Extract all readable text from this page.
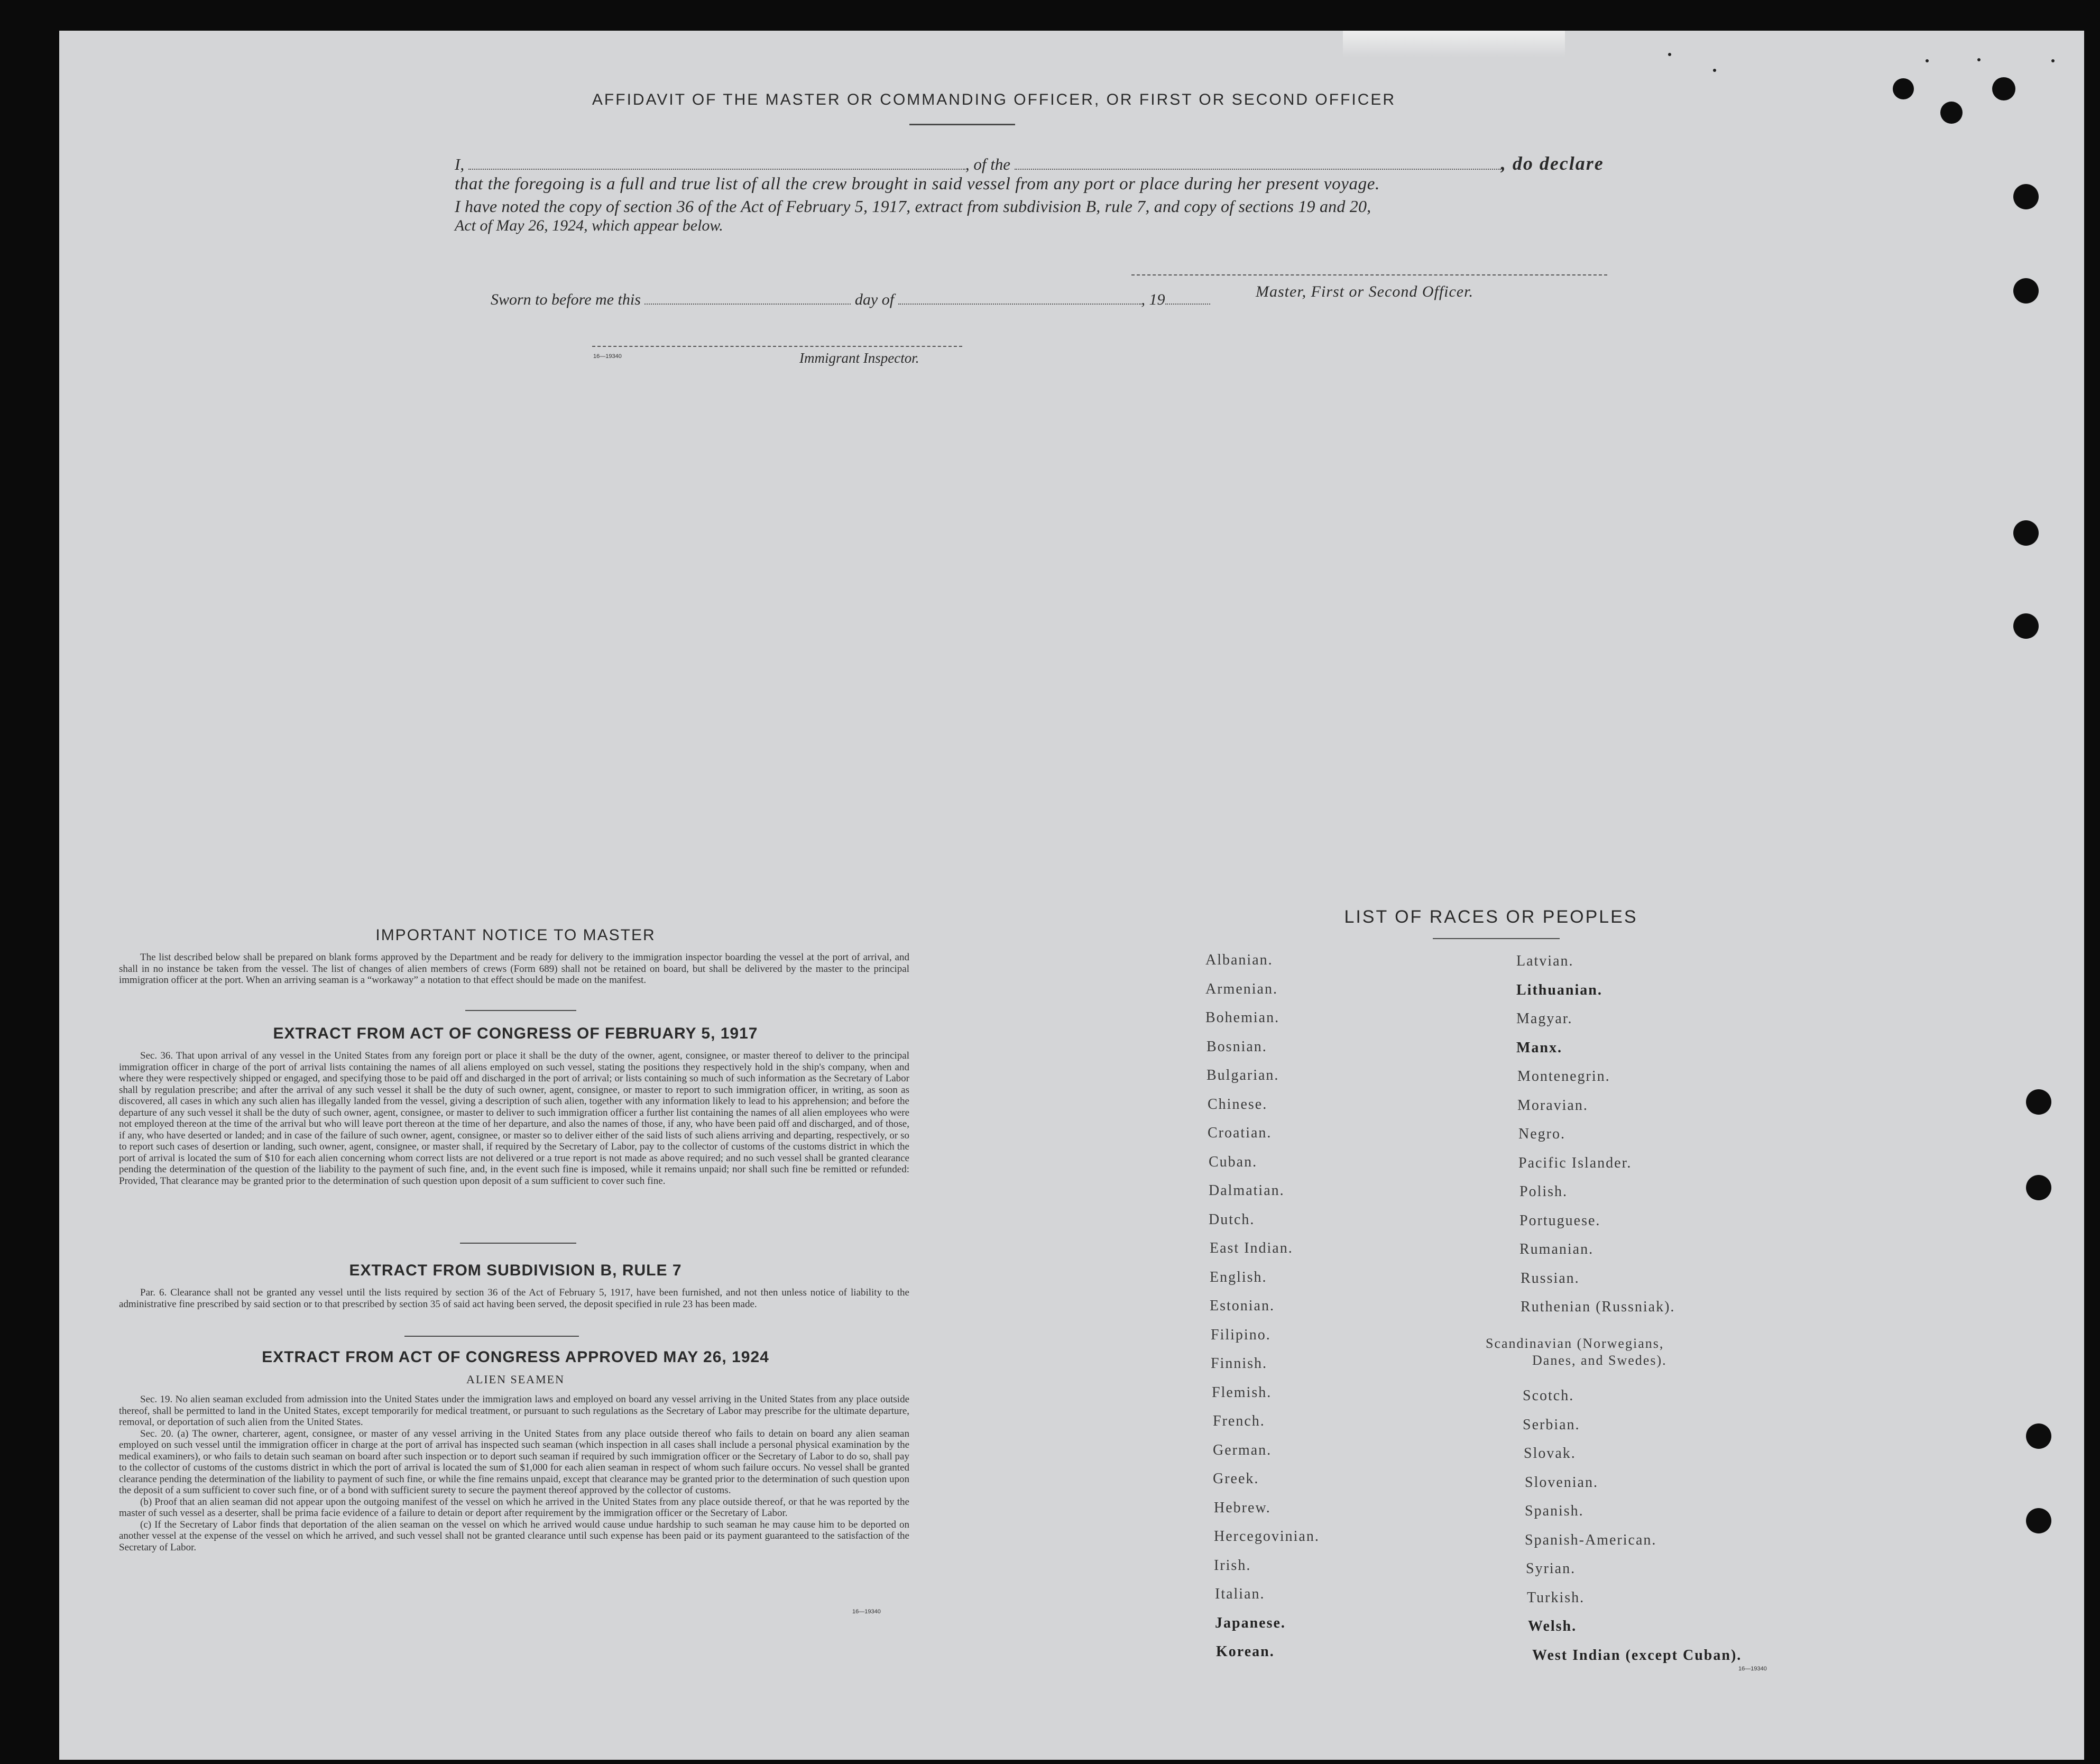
AFFIDAVIT OF THE MASTER OR COMMANDING OFFICER, OR FIRST OR SECOND OFFICER
I,	, of the	, do declare
that the foregoing is a full and true list of all the crew brought in said vessel from any port or place during her present voyage.
I have noted the copy of section 36 of the Act of February 5, 1917, extract from subdivision B, rule 7, and copy of sections 19 and 20,
Act of May 26, 1924, which appear below.
Master, First or Second Officer.
Sworn to before me this	day of	, 19
16—19340	Immigrant Inspector.
IMPORTANT NOTICE TO MASTER

The list described below shall be prepared on blank forms approved by the Department and be ready for delivery to the immigration inspector boarding the vessel at the port of arrival, and shall in no instance be taken from the vessel. The list of changes of alien members of crews (Form 689) shall not be retained on board, but shall be delivered by the master to the principal immigration officer at the port. When an arriving seaman is a “workaway” a notation to that effect should be made on the manifest.

EXTRACT FROM ACT OF CONGRESS OF FEBRUARY 5, 1917

Sec. 36. That upon arrival of any vessel in the United States from any foreign port or place it shall be the duty of the owner, agent, consignee, or master thereof to deliver to the principal immigration officer in charge of the port of arrival lists containing the names of all aliens employed on such vessel, stating the positions they respectively hold in the ship's company, when and where they were respectively shipped or engaged, and specifying those to be paid off and discharged in the port of arrival; or lists containing so much of such information as the Secretary of Labor shall by regulation prescribe; and after the arrival of any such vessel it shall be the duty of such owner, agent, consignee, or master to report to such immigration officer, in writing, as soon as discovered, all cases in which any such alien has illegally landed from the vessel, giving a description of such alien, together with any information likely to lead to his apprehension; and before the departure of any such vessel it shall be the duty of such owner, agent, consignee, or master to deliver to such immigration officer a further list containing the names of all alien employees who were not employed thereon at the time of the arrival but who will leave port thereon at the time of her departure, and also the names of those, if any, who have been paid off and discharged, and of those, if any, who have deserted or landed; and in case of the failure of such owner, agent, consignee, or master so to deliver either of the said lists of such aliens arriving and departing, respectively, or so to report such cases of desertion or landing, such owner, agent, consignee, or master shall, if required by the Secretary of Labor, pay to the collector of customs of the customs district in which the port of arrival is located the sum of $10 for each alien concerning whom correct lists are not delivered or a true report is not made as above required; and no such vessel shall be granted clearance pending the determination of the question of the liability to the payment of such fine, and, in the event such fine is imposed, while it remains unpaid; nor shall such fine be remitted or refunded: Provided, That clearance may be granted prior to the determination of such question upon deposit of a sum sufficient to cover such fine.

EXTRACT FROM SUBDIVISION B, RULE 7

Par. 6. Clearance shall not be granted any vessel until the lists required by section 36 of the Act of February 5, 1917, have been furnished, and not then unless notice of liability to the administrative fine prescribed by said section or to that prescribed by section 35 of said act having been served, the deposit specified in rule 23 has been made.

EXTRACT FROM ACT OF CONGRESS APPROVED MAY 26, 1924
ALIEN SEAMEN

Sec. 19. No alien seaman excluded from admission into the United States under the immigration laws and employed on board any vessel arriving in the United States from any place outside thereof, shall be permitted to land in the United States, except temporarily for medical treatment, or pursuant to such regulations as the Secretary of Labor may prescribe for the ultimate departure, removal, or deportation of such alien from the United States.

Sec. 20. (a) The owner, charterer, agent, consignee, or master of any vessel arriving in the United States from any place outside thereof who fails to detain on board any alien seaman employed on such vessel until the immigration officer in charge at the port of arrival has inspected such seaman (which inspection in all cases shall include a personal physical examination by the medical examiners), or who fails to detain such seaman on board after such inspection or to deport such seaman if required by such immigration officer or the Secretary of Labor to do so, shall pay to the collector of customs of the customs district in which the port of arrival is located the sum of $1,000 for each alien seaman in respect of whom such failure occurs. No vessel shall be granted clearance pending the determination of the liability to payment of such fine, or while the fine remains unpaid, except that clearance may be granted prior to the determination of such question upon the deposit of a sum sufficient to cover such fine, or of a bond with sufficient surety to secure the payment thereof approved by the collector of customs.

(b) Proof that an alien seaman did not appear upon the outgoing manifest of the vessel on which he arrived in the United States from any place outside thereof, or that he was reported by the master of such vessel as a deserter, shall be prima facie evidence of a failure to detain or deport after requirement by the immigration officer or the Secretary of Labor.

(c) If the Secretary of Labor finds that deportation of the alien seaman on the vessel on which he arrived would cause undue hardship to such seaman he may cause him to be deported on another vessel at the expense of the vessel on which he arrived, and such vessel shall not be granted clearance until such expense has been paid or its payment guaranteed to the satisfaction of the Secretary of Labor.

16—19340
LIST OF RACES OR PEOPLES
Albanian.
Armenian.
Bohemian.
Bosnian.
Bulgarian.
Chinese.
Croatian.
Cuban.
Dalmatian.
Dutch.
East Indian.
English.
Estonian.
Filipino.
Finnish.
Flemish.
French.
German.
Greek.
Hebrew.
Hercegovinian.
Irish.
Italian.
Japanese.
Korean.
Latvian.
Lithuanian.
Magyar.
Manx.
Montenegrin.
Moravian.
Negro.
Pacific Islander.
Polish.
Portuguese.
Rumanian.
Russian.
Ruthenian (Russniak).
Scandinavian (Norwegians,
Danes, and Swedes).
Scotch.
Serbian.
Slovak.
Slovenian.
Spanish.
Spanish-American.
Syrian.
Turkish.
Welsh.
West Indian (except Cuban).
16—19340
